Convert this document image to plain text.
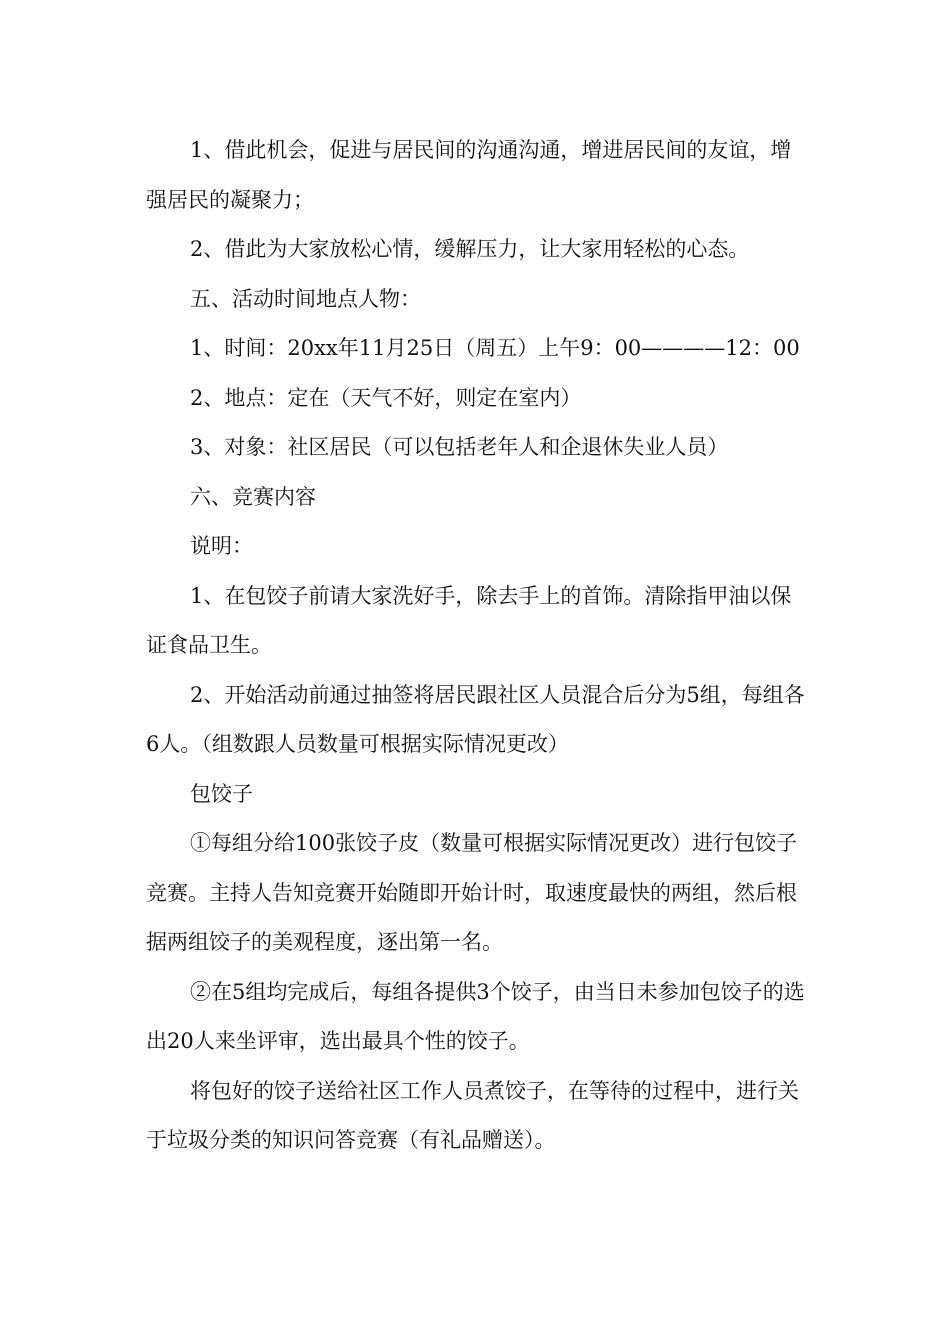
1、借此机会，促进与居民间的沟通沟通，增进居民间的友谊，增强居民的凝聚力；

2、借此为大家放松心情，缓解压力，让大家用轻松的心态。

五、活动时间地点人物：

1、时间：20xx年11月25日（周五）上午9：00————12：00

2、地点：定在（天气不好，则定在室内）

3、对象：社区居民（可以包括老年人和企退休失业人员）

六、竞赛内容

说明：

1、在包饺子前请大家洗好手，除去手上的首饰。清除指甲油以保证食品卫生。

2、开始活动前通过抽签将居民跟社区人员混合后分为5组，每组各6人。（组数跟人员数量可根据实际情况更改）

包饺子

①每组分给100张饺子皮（数量可根据实际情况更改）进行包饺子竞赛。主持人告知竞赛开始随即开始计时，取速度最快的两组，然后根据两组饺子的美观程度，逐出第一名。

②在5组均完成后，每组各提供3个饺子，由当日未参加包饺子的选出20人来坐评审，选出最具个性的饺子。

将包好的饺子送给社区工作人员煮饺子，在等待的过程中，进行关于垃圾分类的知识问答竞赛（有礼品赠送）。
